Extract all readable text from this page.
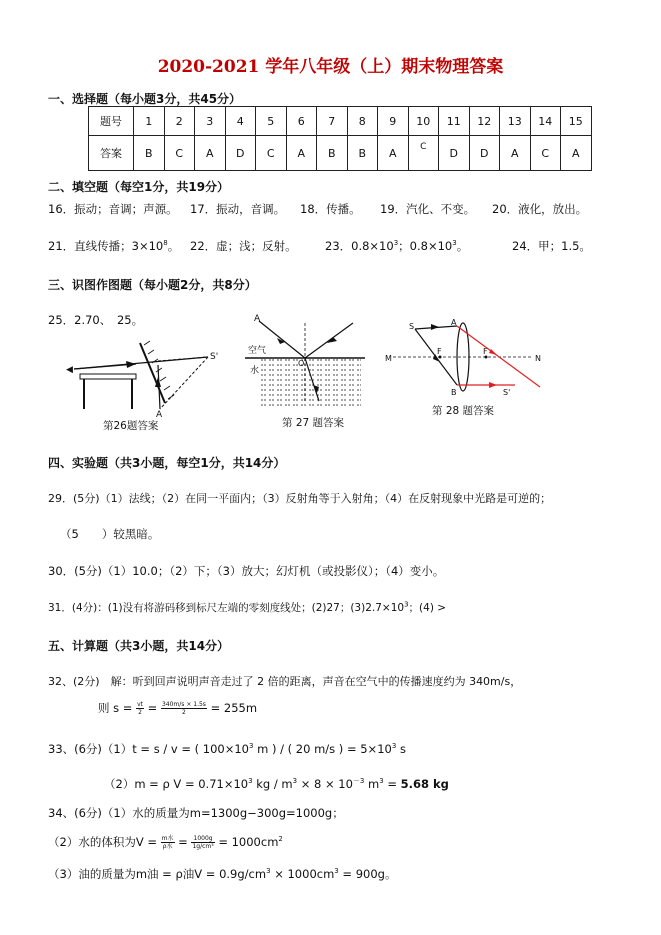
2020-2021 学年八年级（上）期末物理答案
一、选择题（每小题3分，共45分）
题号	1	2	3	4	5	6	7	8	9	10	11	12	13	14	15
答案	B	C	A	D	C	A	B	B	A	C	D	D	A	C	A
二、填空题（每空1分，共19分）
16．振动；音调；声源。 17．振动，音调。 18．传播。 19．汽化、不变。 20．液化，放出。
21．直线传播；$3\times 10^8$。 22．虚；浅；反射。 23．$0.8\times 10^3$；$0.8\times 10^3$。	24．甲；1.5。
三、识图作图题（每小题2分，共8分）
25．2.70、　25。
◀
S'
A
第26题答案
A
空气
水
O
第 27 题答案
S	A
B
M	N
F	F
S'
第 28 题答案
四、实验题（共3小题，每空1分，共14分）
29．(5分)（1）法线；（2）在同一平面内；（3）反射角等于入射角；（4）在反射现象中光路是可逆的；
（5　　）较黑暗。
30．(5分)（1）10.0；（2）下；（3）放大；幻灯机（或投影仪）；（4）变小。
31．(4分)：(1)没有将游码移到标尺左端的零刻度线处；(2)27；$(3)2.7\times 10^3$；(4) >
五、计算题（共3小题，共14分）
32、(2分)　解：听到回声说明声音走过了 2 倍的距离，声音在空气中的传播速度约为 340m/s，
则 $s = \frac{vt}{2} = \frac{340m/s \times 1.5s}{2} = 255m$
33、(6分)（1）t = s / v = ( $100\times 10^3$ m ) / ( 20 m/s ) = $5\times 10^3$ s
（2）m = ρ $V = 0.71\times 10^3$ kg / $m^3 \times 8 \times 10^{-3}$ $m^3 = 5.68$ kg
34、(6分)（1）水的质量为m=1300g−300g=1000g；
（2）水的体积为$V = \frac{\text{m水}}{\text{ρ水}} = \frac{1000g}{\text{1g/cm³}} = 1000cm^2$
（3）油的质量为m油 = ρ油$V = 0.9g/cm^3 \times 1000cm^3 = 900g$。
